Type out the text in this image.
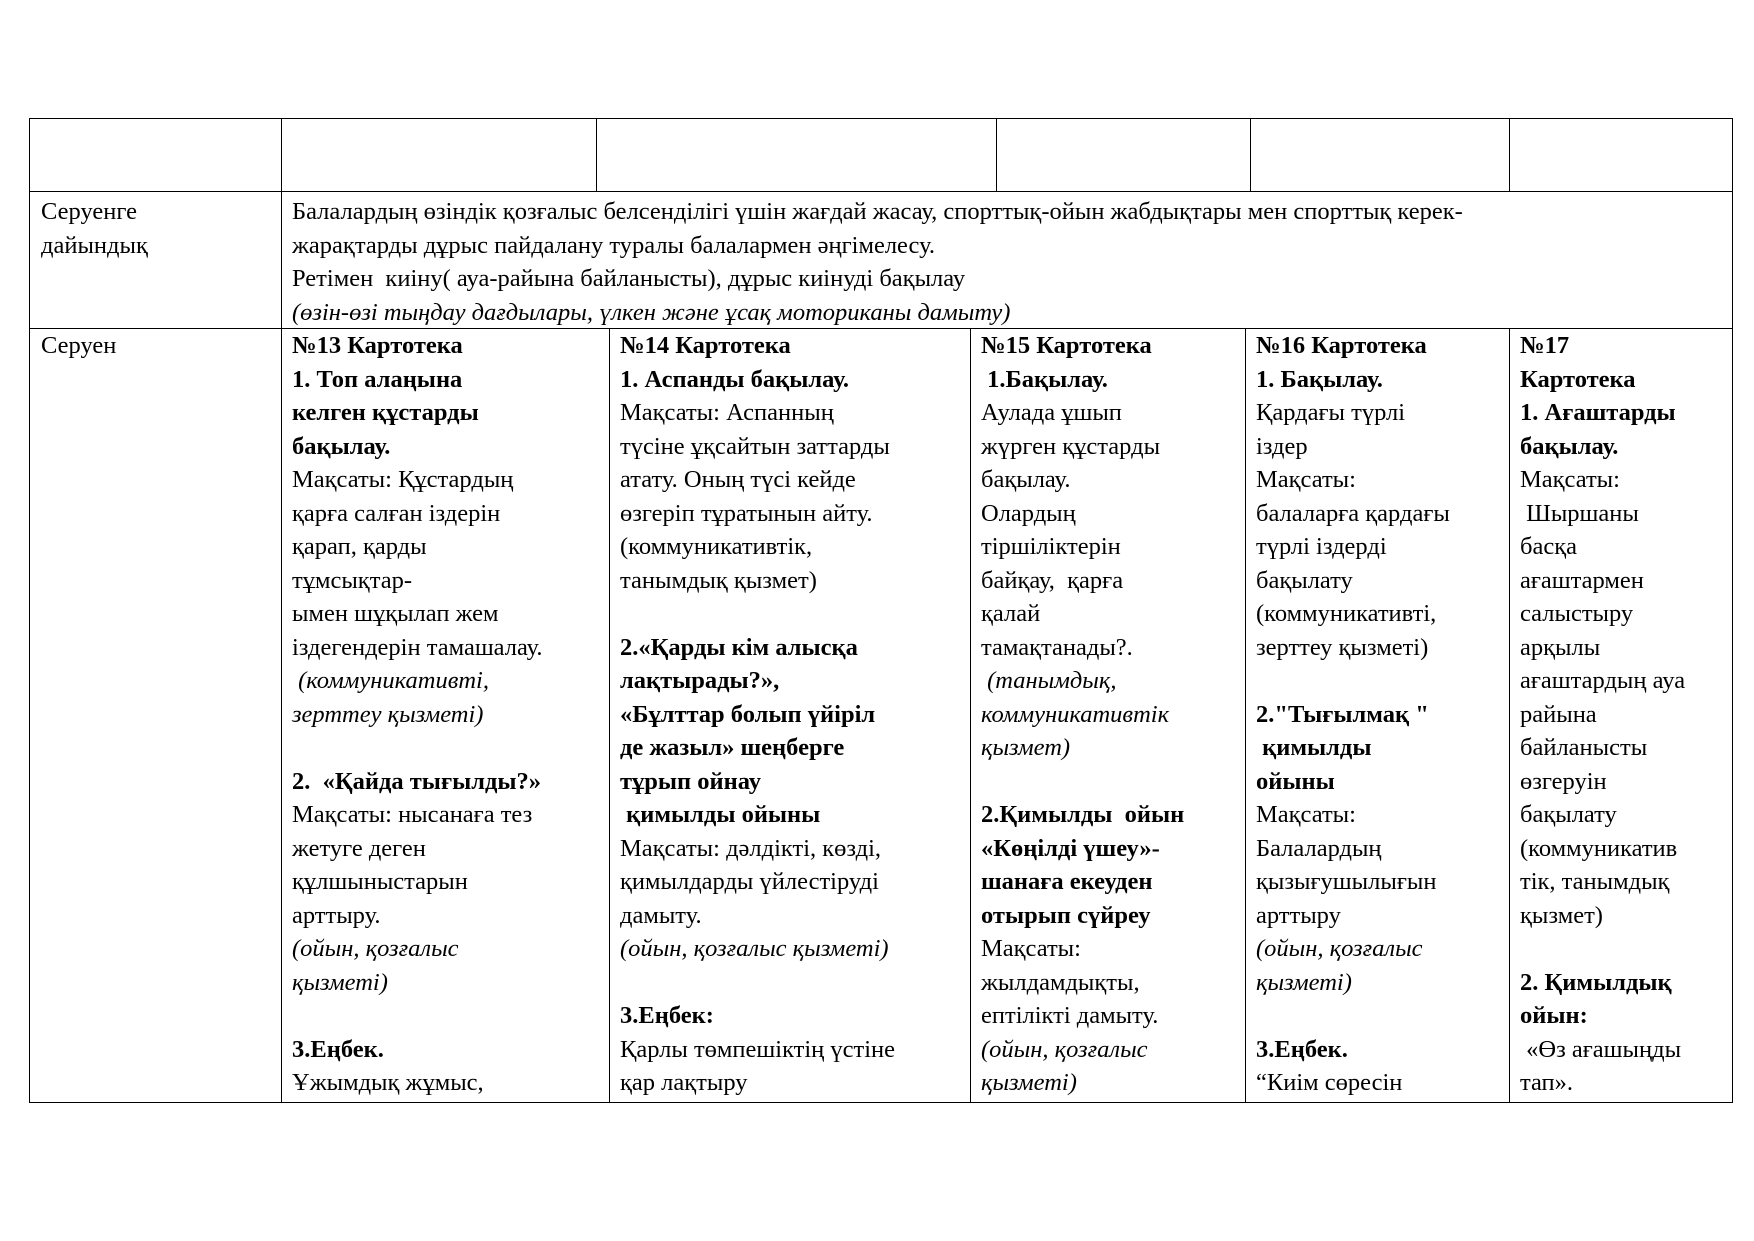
Серуенге
дайындық
Серуен
Балалардың өзіндік қозғалыс белсенділігі үшін жағдай жасау, спорттық-ойын жабдықтары мен спорттық керек-
жарақтарды дұрыс пайдалану туралы балалармен әңгімелесу.
Ретімен  киіну( ауа-райына байланысты), дұрыс киінуді бақылау
(өзін-өзі тыңдау дағдылары, үлкен және ұсақ моториканы дамыту)
№13 Картотека
1. Топ алаңына
келген құстарды
бақылау.
Мақсаты: Құстардың
қарға салған іздерін
қарап, қарды
тұмсықтар-
ымен шұқылап жем
іздегендерін тамашалау.
(коммуникативті,
зерттеу қызметі)
2.  «Қайда тығылды?»
Мақсаты: нысанаға тез
жетуге деген
құлшыныстарын
арттыру.
(ойын, қозғалыс
қызметі)
3.Еңбек.
Ұжымдық жұмыс,
№14 Картотека
1. Аспанды бақылау.
Мақсаты: Аспанның
түсіне ұқсайтын заттарды
атату. Оның түсі кейде
өзгеріп тұратынын айту.
(коммуникативтік,
танымдық қызмет)
2.«Қарды кім алысқа
лақтырады?»,
«Бұлттар болып үйіріл
де жазыл» шеңберге
тұрып ойнау
қимылды ойыны
Мақсаты: дәлдікті, көзді,
қимылдарды үйлестіруді
дамыту.
(ойын, қозғалыс қызметі)
3.Еңбек:
Қарлы төмпешіктің үстіне
қар лақтыру
№15 Картотека
1.Бақылау.
Аулада ұшып
жүрген құстарды
бақылау.
Олардың
тіршіліктерін
байқау,  қарға
қалай
тамақтанады?.
(танымдық,
коммуникативтік
қызмет)
2.Қимылды  ойын
«Көңілді үшеу»-
шанаға екеуден
отырып сүйреу
Мақсаты:
жылдамдықты,
ептілікті дамыту.
(ойын, қозғалыс
қызметі)
№16 Картотека
1. Бақылау.
Қардағы түрлі
іздер
Мақсаты:
балаларға қардағы
түрлі іздерді
бақылату
(коммуникативті,
зерттеу қызметі)
2."Тығылмақ "
қимылды
ойыны
Мақсаты:
Балалардың
қызығушылығын
арттыру
(ойын, қозғалыс
қызметі)
3.Еңбек.
“Киім сөресін
№17
Картотека
1. Ағаштарды
бақылау.
Мақсаты:
Шыршаны
басқа
ағаштармен
салыстыру
арқылы
ағаштардың ауа
райына
байланысты
өзгеруін
бақылату
(коммуникатив
тік, танымдық
қызмет)
2. Қимылдық
ойын:
«Өз ағашыңды
тап».
